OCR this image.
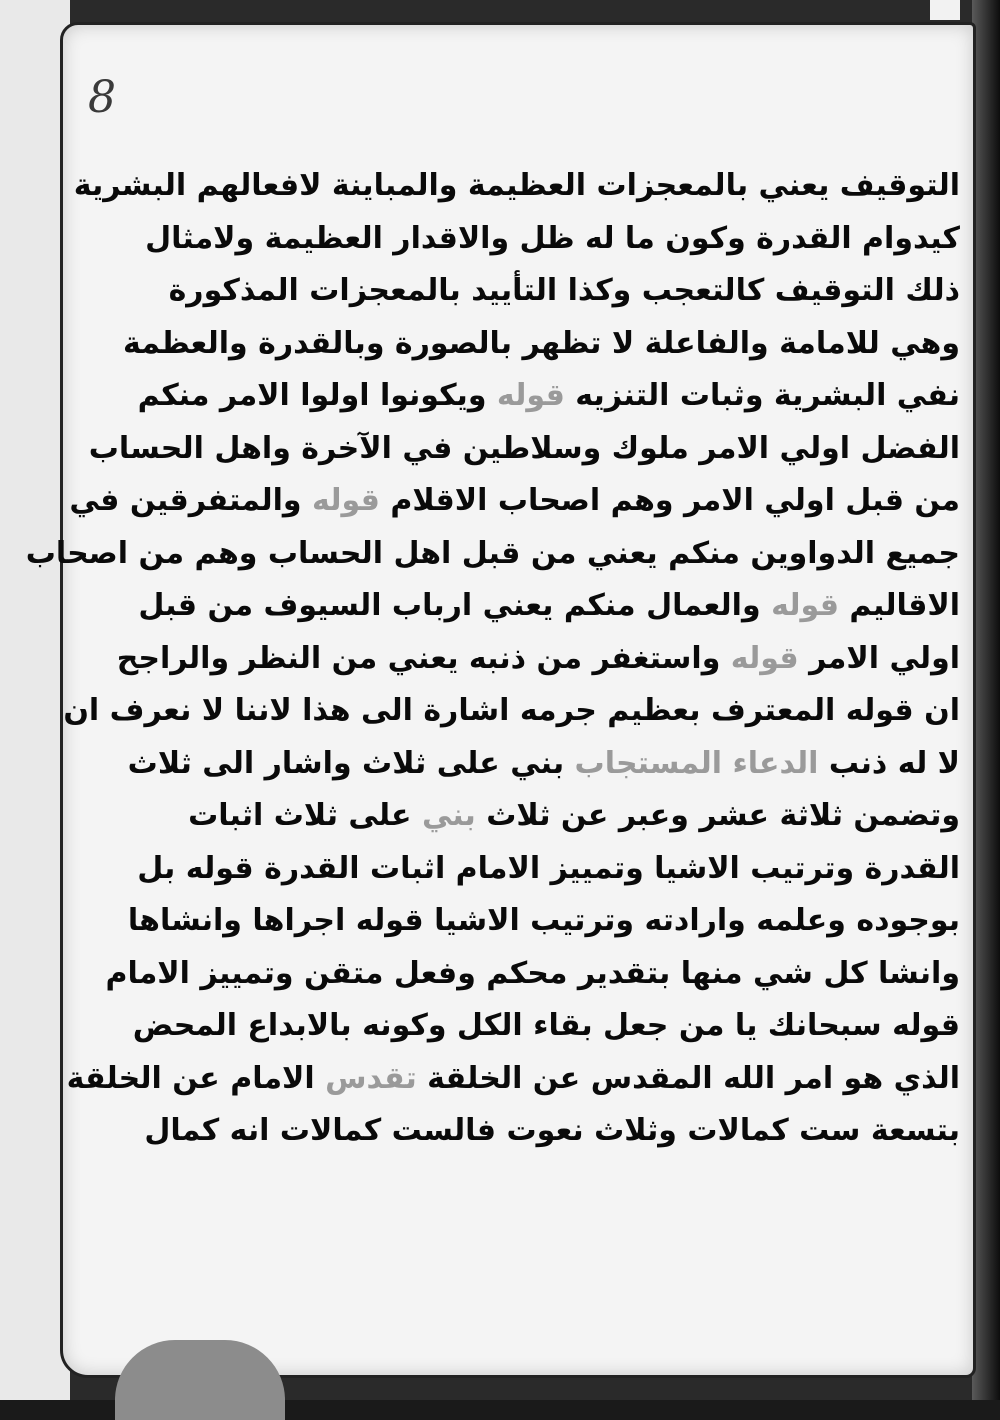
8
التوقيف يعني بالمعجزات العظيمة والمباينة لافعالهم البشرية
كيدوام القدرة وكون ما له ظل والاقدار العظيمة ولامثال
ذلك التوقيف كالتعجب وكذا التأييد بالمعجزات المذكورة
وهي للامامة والفاعلة لا تظهر بالصورة وبالقدرة والعظمة
نفي البشرية وثبات التنزيه قوله ويكونوا اولوا الامر منكم
الفضل اولي الامر ملوك وسلاطين في الآخرة واهل الحساب
من قبل اولي الامر وهم اصحاب الاقلام قوله والمتفرقين في
جميع الدواوين منكم يعني من قبل اهل الحساب وهم من اصحاب
الاقاليم قوله والعمال منكم يعني ارباب السيوف من قبل
اولي الامر قوله واستغفر من ذنبه يعني من النظر والراجح
ان قوله المعترف بعظيم جرمه اشارة الى هذا لاننا لا نعرف ان
لا له ذنب الدعاء المستجاب بني على ثلاث واشار الى ثلاث
وتضمن ثلاثة عشر وعبر عن ثلاث بني على ثلاث اثبات
القدرة وترتيب الاشيا وتمييز الامام اثبات القدرة قوله بل
بوجوده وعلمه وارادته وترتيب الاشيا قوله اجراها وانشاها
وانشا كل شي منها بتقدير محكم وفعل متقن وتمييز الامام
قوله سبحانك يا من جعل بقاء الكل وكونه بالابداع المحض
الذي هو امر الله المقدس عن الخلقة تقدس الامام عن الخلقة
بتسعة ست كمالات وثلاث نعوت فالست كمالات انه كمال
